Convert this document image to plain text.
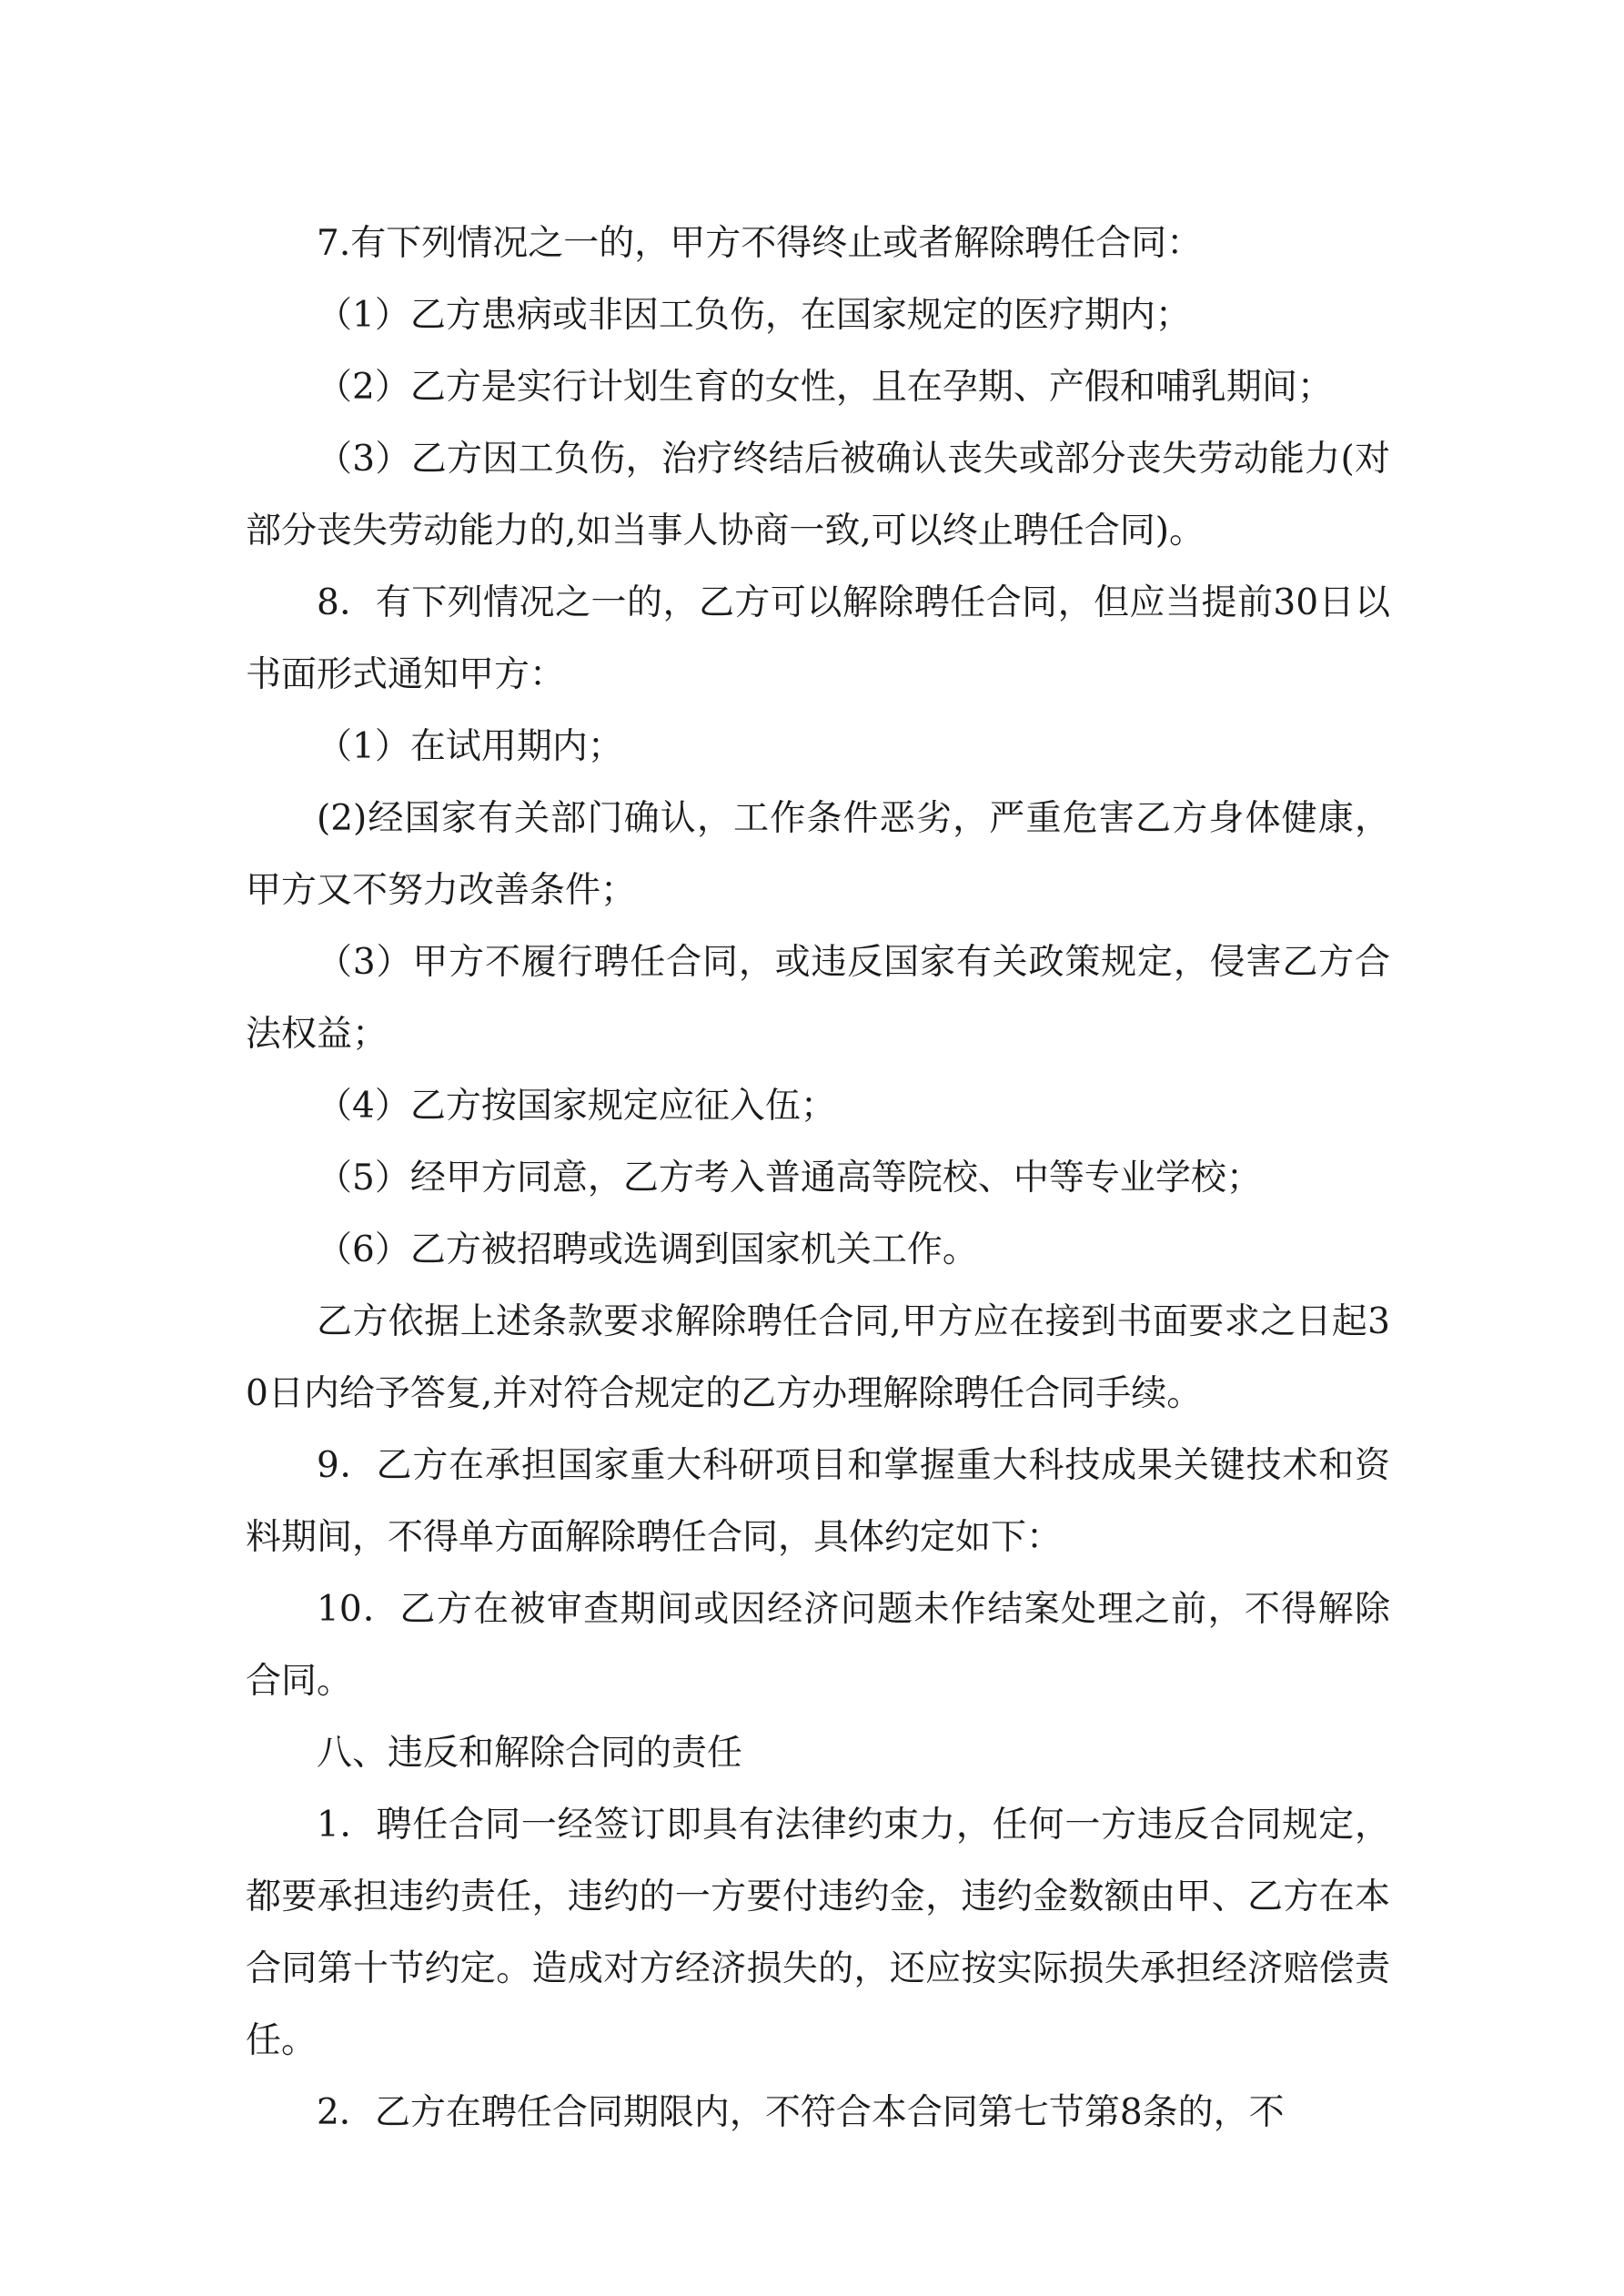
7.有下列情况之一的，甲方不得终止或者解除聘任合同：

（1）乙方患病或非因工负伤，在国家规定的医疗期内；

（2）乙方是实行计划生育的女性，且在孕期、产假和哺乳期间；

（3）乙方因工负伤，治疗终结后被确认丧失或部分丧失劳动能力(对部分丧失劳动能力的,如当事人协商一致,可以终止聘任合同)。

8．有下列情况之一的，乙方可以解除聘任合同，但应当提前30日以书面形式通知甲方：

（1）在试用期内；

(2)经国家有关部门确认，工作条件恶劣，严重危害乙方身体健康，甲方又不努力改善条件；

（3）甲方不履行聘任合同，或违反国家有关政策规定，侵害乙方合法权益；

（4）乙方按国家规定应征入伍；

（5）经甲方同意，乙方考入普通高等院校、中等专业学校；

（6）乙方被招聘或选调到国家机关工作。

乙方依据上述条款要求解除聘任合同,甲方应在接到书面要求之日起30日内给予答复,并对符合规定的乙方办理解除聘任合同手续。

9．乙方在承担国家重大科研项目和掌握重大科技成果关键技术和资料期间，不得单方面解除聘任合同，具体约定如下：

10．乙方在被审查期间或因经济问题未作结案处理之前，不得解除合同。

八、违反和解除合同的责任

1．聘任合同一经签订即具有法律约束力，任何一方违反合同规定，都要承担违约责任，违约的一方要付违约金，违约金数额由甲、乙方在本合同第十节约定。造成对方经济损失的，还应按实际损失承担经济赔偿责任。

2．乙方在聘任合同期限内，不符合本合同第七节第8条的，不
